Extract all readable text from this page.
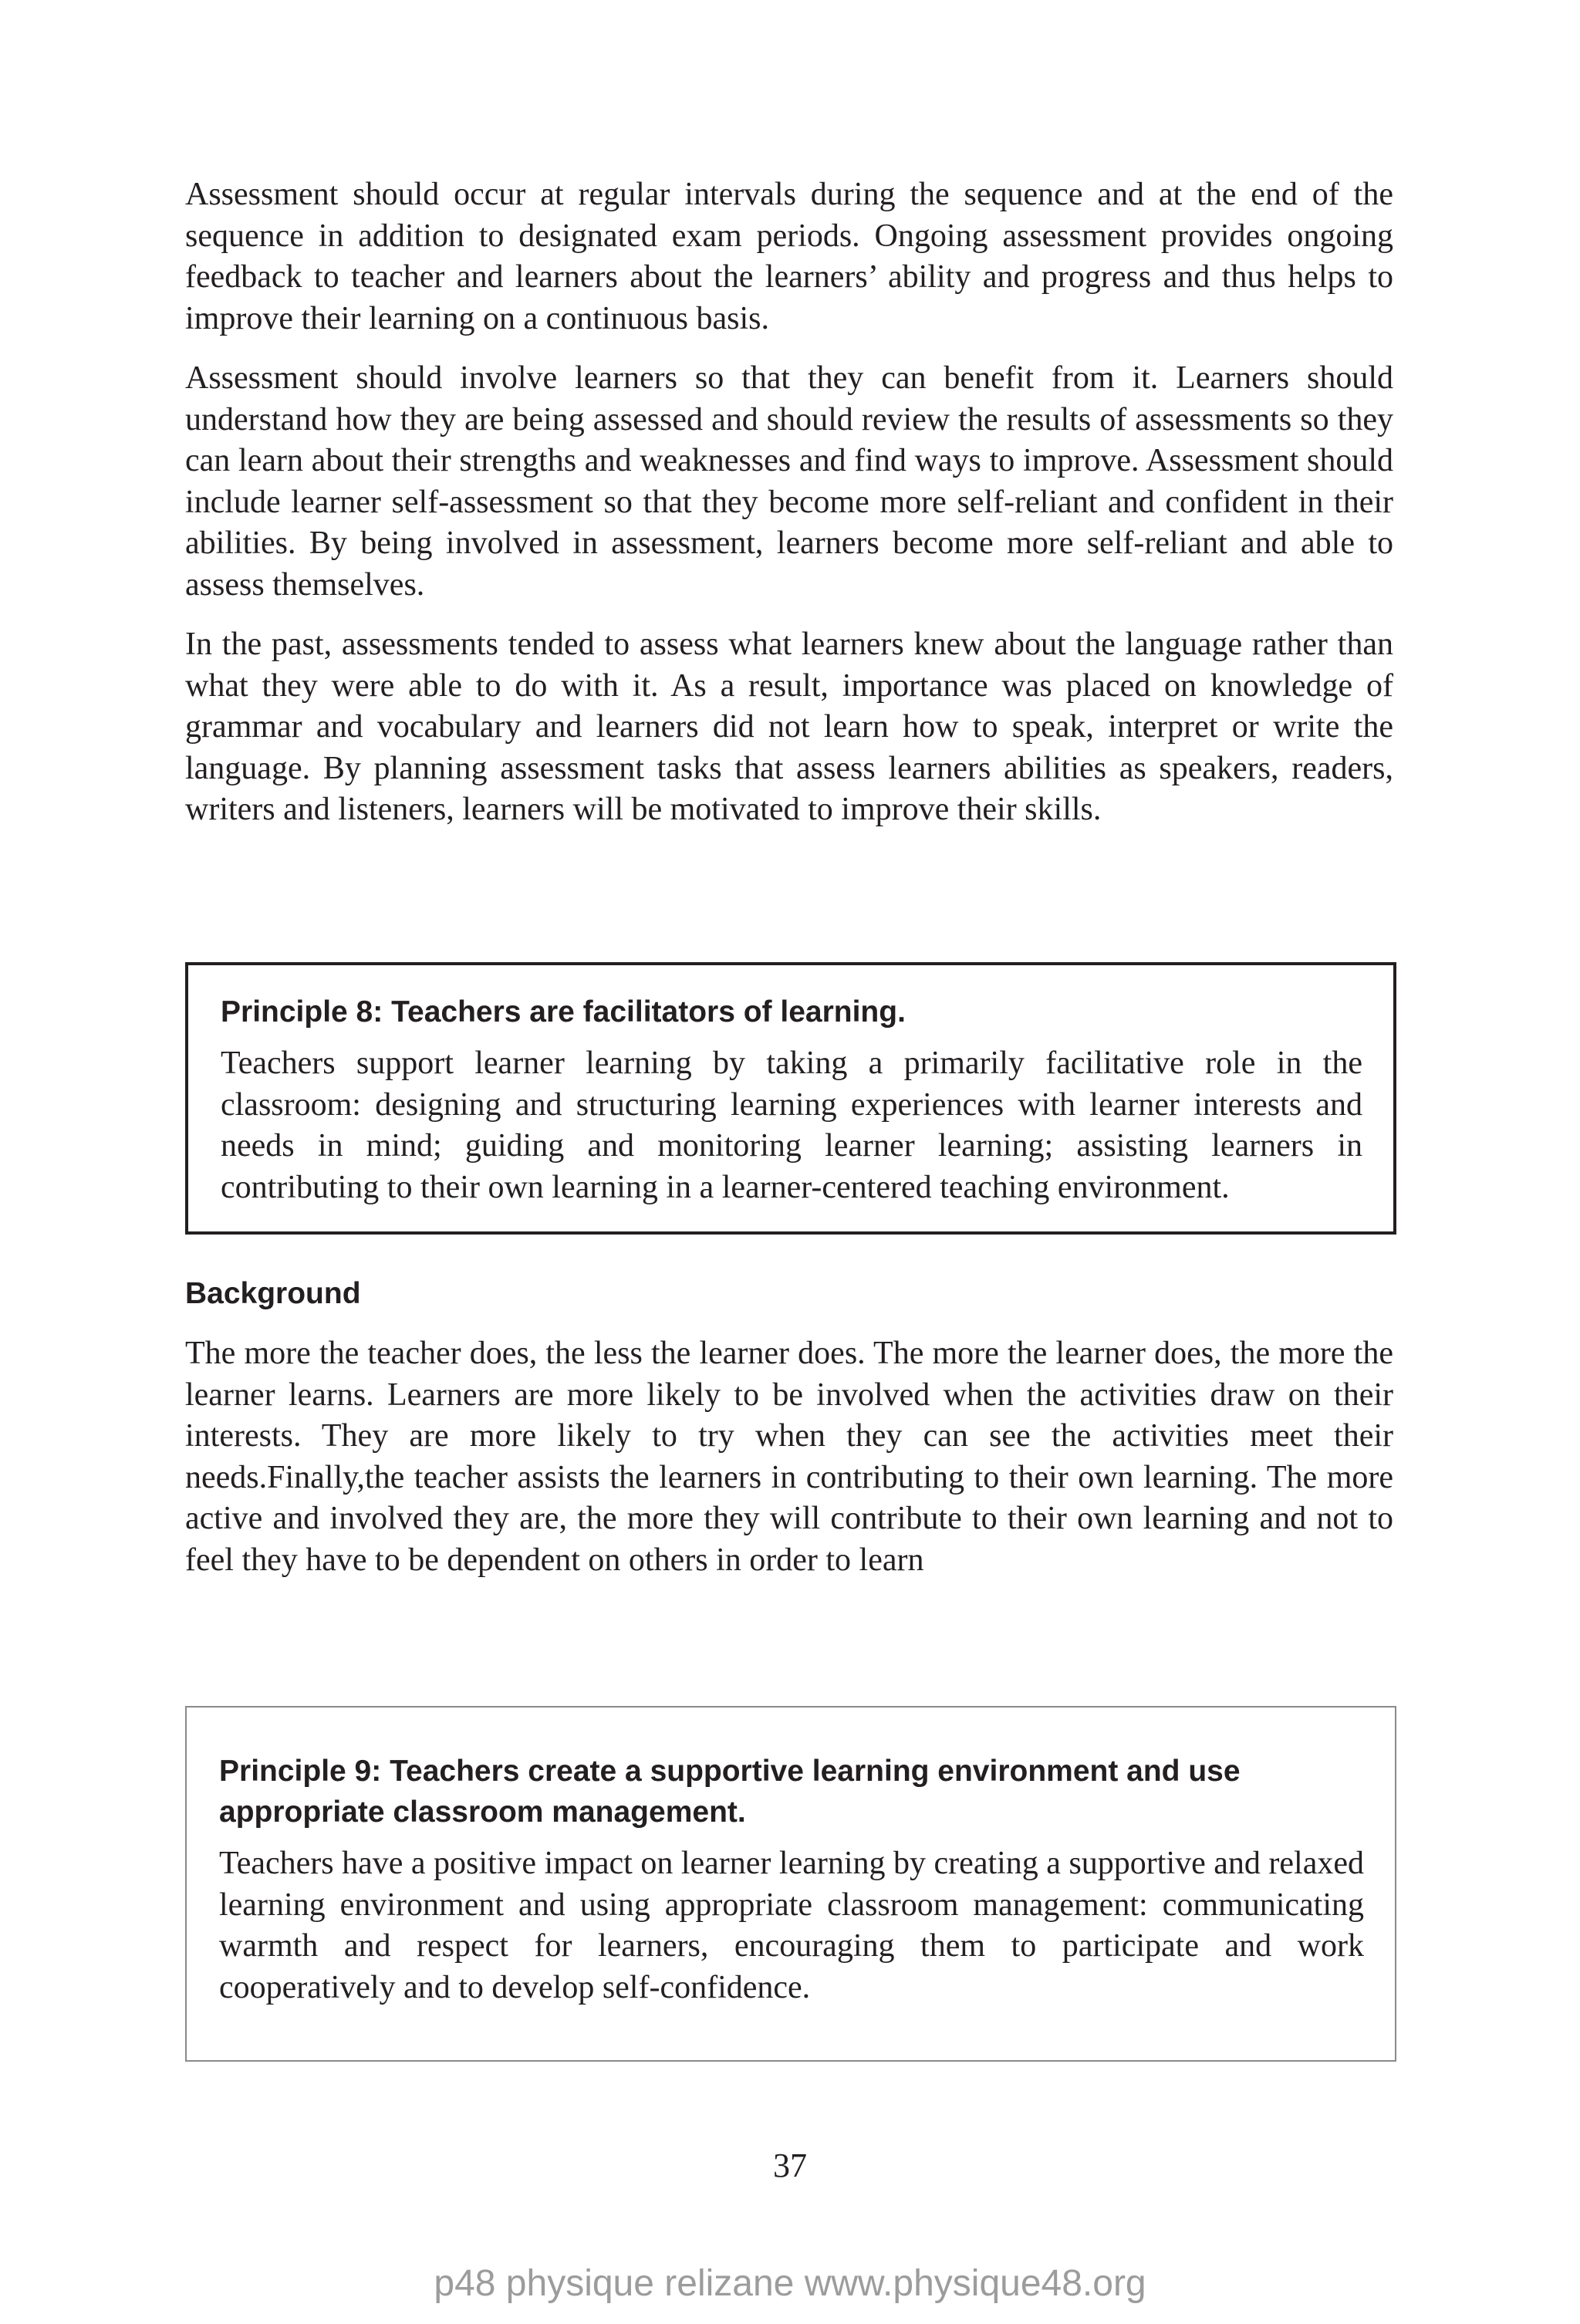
Assessment should occur at regular intervals during the sequence and at the end of the sequence in addition to designated exam periods. Ongoing assessment provides ongoing feedback to teacher and learners about the learners’ ability and progress and thus helps to improve their learning on a continuous basis.

Assessment should involve learners so that they can benefit from it. Learners should understand how they are being assessed and should review the results of assessments so they can learn about their strengths and weaknesses and find ways to improve. Assessment should include learner self-assessment so that they become more self-reliant and confident in their abilities. By being involved in assessment, learners become more self-reliant and able to assess themselves.

In the past, assessments tended to assess what learners knew about the language rather than what they were able to do with it. As a result, importance was placed on knowledge of grammar and vocabulary and learners did not learn how to speak, interpret or write the language. By planning assessment tasks that assess learners abilities as speakers, readers, writers and listeners, learners will be motivated to improve their skills.

Principle 8: Teachers are facilitators of learning.

Teachers support learner learning by taking a primarily facilitative role in the classroom: designing and structuring learning experiences with learner interests and needs in mind; guiding and monitoring learner learning; assisting learners in contributing to their own learning in a learner-centered teaching environment.

Background

The more the teacher does, the less the learner does. The more the learner does, the more the learner learns. Learners are more likely to be involved when the activities draw on their interests. They are more likely to try when they can see the activities meet their needs.Finally,the teacher assists the learners in contributing to their own learning. The more active and involved they are, the more they will contribute to their own learning and not to feel they have to be dependent on others in order to learn

Principle 9: Teachers create a supportive learning environment and use appropriate classroom management.

Teachers have a positive impact on learner learning by creating a supportive and relaxed learning environment and using appropriate classroom management: communicating warmth and respect for learners, encouraging them to participate and work cooperatively and to develop self-confidence.

37
p48 physique relizane www.physique48.org
